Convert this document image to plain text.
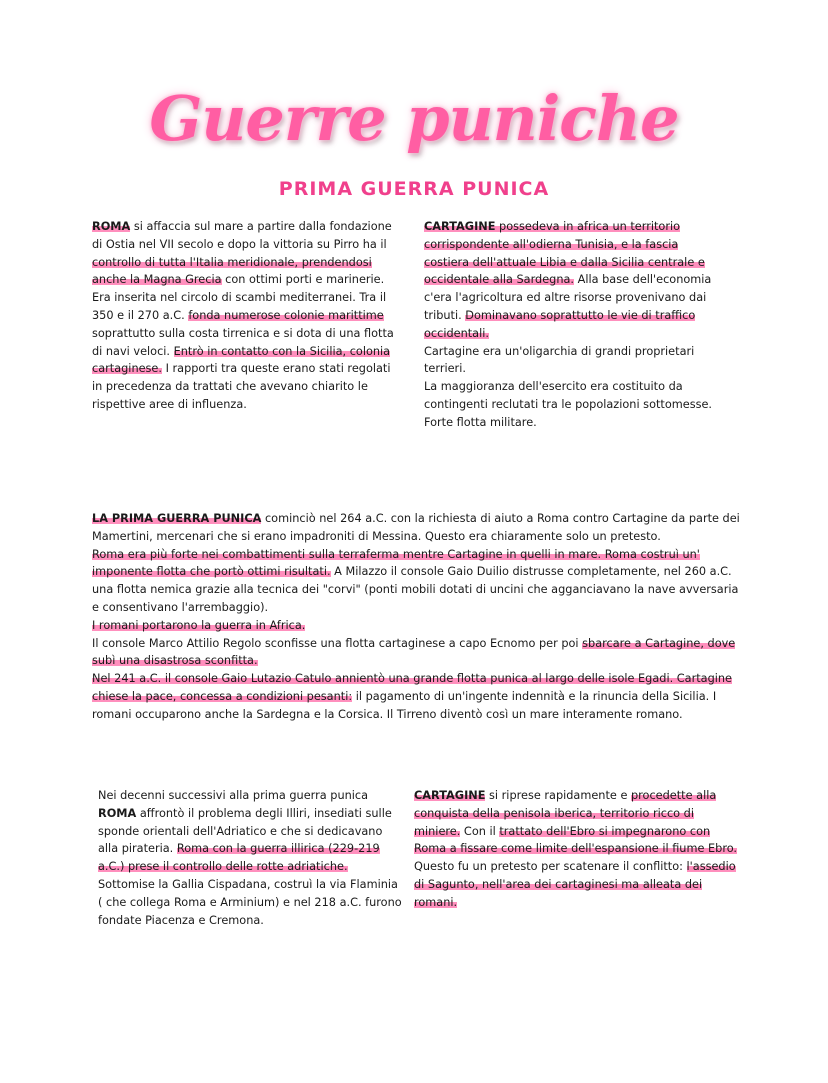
Guerre puniche
PRIMA GUERRA PUNICA

ROMA si affaccia sul mare a partire dalla fondazione di Ostia nel VII secolo e dopo la vittoria su Pirro ha il controllo di tutta l'Italia meridionale, prendendosi anche la Magna Grecia con ottimi porti e marinerie. Era inserita nel circolo di scambi mediterranei. Tra il 350 e il 270 a.C. fonda numerose colonie marittime soprattutto sulla costa tirrenica e si dota di una flotta di navi veloci. Entrò in contatto con la Sicilia, colonia cartaginese. I rapporti tra queste erano stati regolati in precedenza da trattati che avevano chiarito le rispettive aree di influenza.

CARTAGINE possedeva in africa un territorio corrispondente all'odierna Tunisia, e la fascia costiera dell'attuale Libia e dalla Sicilia centrale e occidentale alla Sardegna. Alla base dell'economia c'era l'agricoltura ed altre risorse provenivano dai tributi. Dominavano soprattutto le vie di traffico occidentali.

Cartagine era un'oligarchia di grandi proprietari terrieri.

La maggioranza dell'esercito era costituito da contingenti reclutati tra le popolazioni sottomesse. Forte flotta militare.

LA PRIMA GUERRA PUNICA cominciò nel 264 a.C. con la richiesta di aiuto a Roma contro Cartagine da parte dei Mamertini, mercenari che si erano impadroniti di Messina. Questo era chiaramente solo un pretesto.

Roma era più forte nei combattimenti sulla terraferma mentre Cartagine in quelli in mare. Roma costruì un' imponente flotta che portò ottimi risultati. A Milazzo il console Gaio Duilio distrusse completamente, nel 260 a.C. una flotta nemica grazie alla tecnica dei "corvi" (ponti mobili dotati di uncini che agganciavano la nave avversaria e consentivano l'arrembaggio).

I romani portarono la guerra in Africa.

Il console Marco Attilio Regolo sconfisse una flotta cartaginese a capo Ecnomo per poi sbarcare a Cartagine, dove subì una disastrosa sconfitta.

Nel 241 a.C. il console Gaio Lutazio Catulo annientò una grande flotta punica al largo delle isole Egadi. Cartagine chiese la pace, concessa a condizioni pesanti: il pagamento di un'ingente indennità e la rinuncia della Sicilia. I romani occuparono anche la Sardegna e la Corsica. Il Tirreno diventò così un mare interamente romano.

Nei decenni successivi alla prima guerra punica ROMA affrontò il problema degli Illiri, insediati sulle sponde orientali dell'Adriatico e che si dedicavano alla pirateria. Roma con la guerra illirica (229-219 a.C.) prese il controllo delle rotte adriatiche. Sottomise la Gallia Cispadana, costruì la via Flaminia ( che collega Roma e Arminium) e nel 218 a.C. furono fondate Piacenza e Cremona.

CARTAGINE si riprese rapidamente e procedette alla conquista della penisola iberica, territorio ricco di miniere. Con il trattato dell'Ebro si impegnarono con Roma a fissare come limite dell'espansione il fiume Ebro. Questo fu un pretesto per scatenare il conflitto: l'assedio di Sagunto, nell'area dei cartaginesi ma alleata dei romani.
